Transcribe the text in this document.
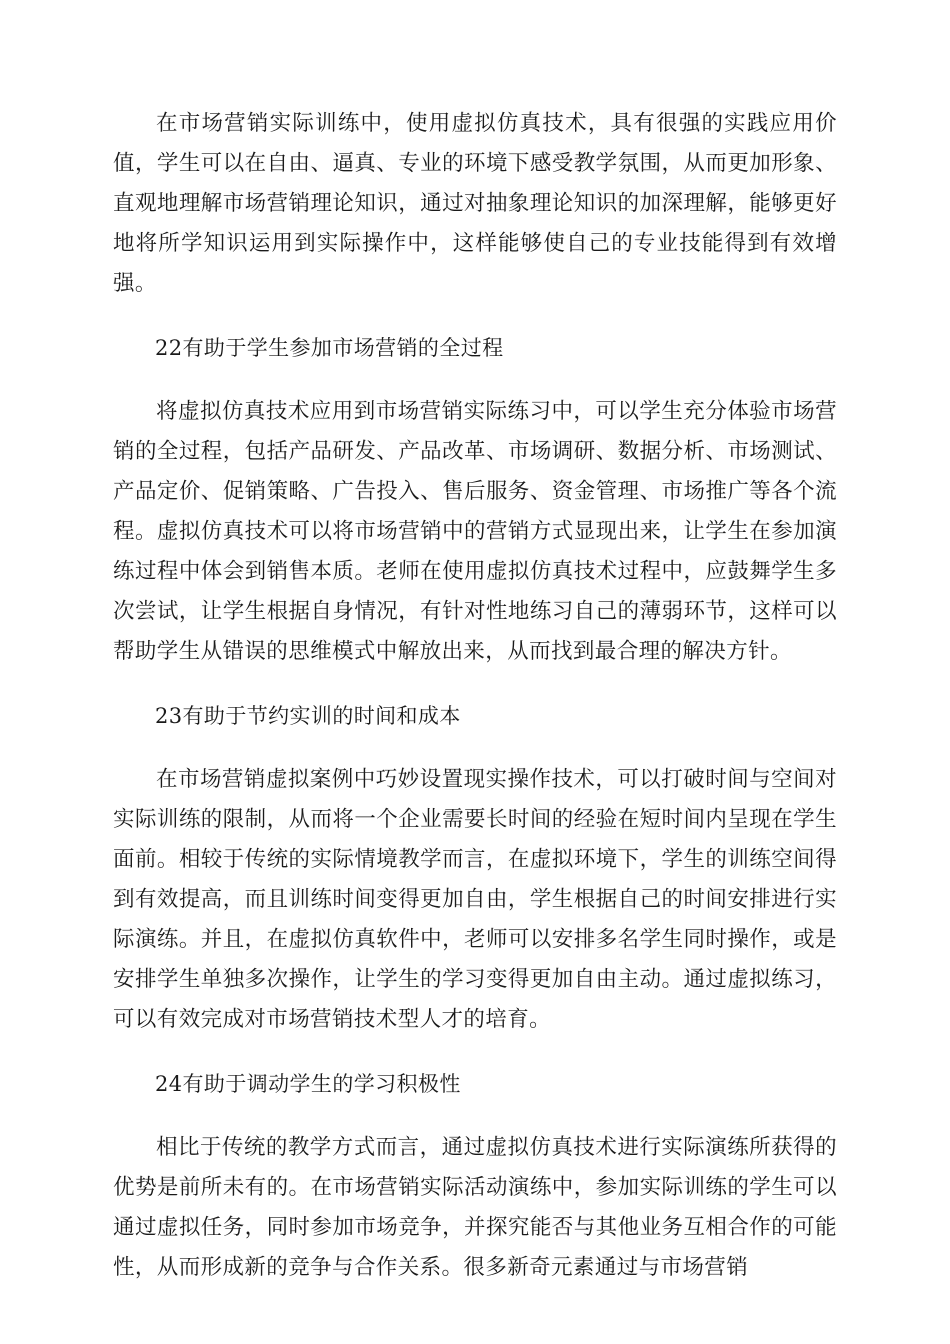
在市场营销实际训练中，使用虚拟仿真技术，具有很强的实践应用价值，学生可以在自由、逼真、专业的环境下感受教学氛围，从而更加形象、直观地理解市场营销理论知识，通过对抽象理论知识的加深理解，能够更好地将所学知识运用到实际操作中，这样能够使自己的专业技能得到有效增强。

22有助于学生参加市场营销的全过程

将虚拟仿真技术应用到市场营销实际练习中，可以学生充分体验市场营销的全过程，包括产品研发、产品改革、市场调研、数据分析、市场测试、产品定价、促销策略、广告投入、售后服务、资金管理、市场推广等各个流程。虚拟仿真技术可以将市场营销中的营销方式显现出来，让学生在参加演练过程中体会到销售本质。老师在使用虚拟仿真技术过程中，应鼓舞学生多次尝试，让学生根据自身情况，有针对性地练习自己的薄弱环节，这样可以帮助学生从错误的思维模式中解放出来，从而找到最合理的解决方针。

23有助于节约实训的时间和成本

在市场营销虚拟案例中巧妙设置现实操作技术，可以打破时间与空间对实际训练的限制，从而将一个企业需要长时间的经验在短时间内呈现在学生面前。相较于传统的实际情境教学而言，在虚拟环境下，学生的训练空间得到有效提高，而且训练时间变得更加自由，学生根据自己的时间安排进行实际演练。并且，在虚拟仿真软件中，老师可以安排多名学生同时操作，或是安排学生单独多次操作，让学生的学习变得更加自由主动。通过虚拟练习，可以有效完成对市场营销技术型人才的培育。

24有助于调动学生的学习积极性

相比于传统的教学方式而言，通过虚拟仿真技术进行实际演练所获得的优势是前所未有的。在市场营销实际活动演练中，参加实际训练的学生可以通过虚拟任务，同时参加市场竞争，并探究能否与其他业务互相合作的可能性，从而形成新的竞争与合作关系。很多新奇元素通过与市场营销
